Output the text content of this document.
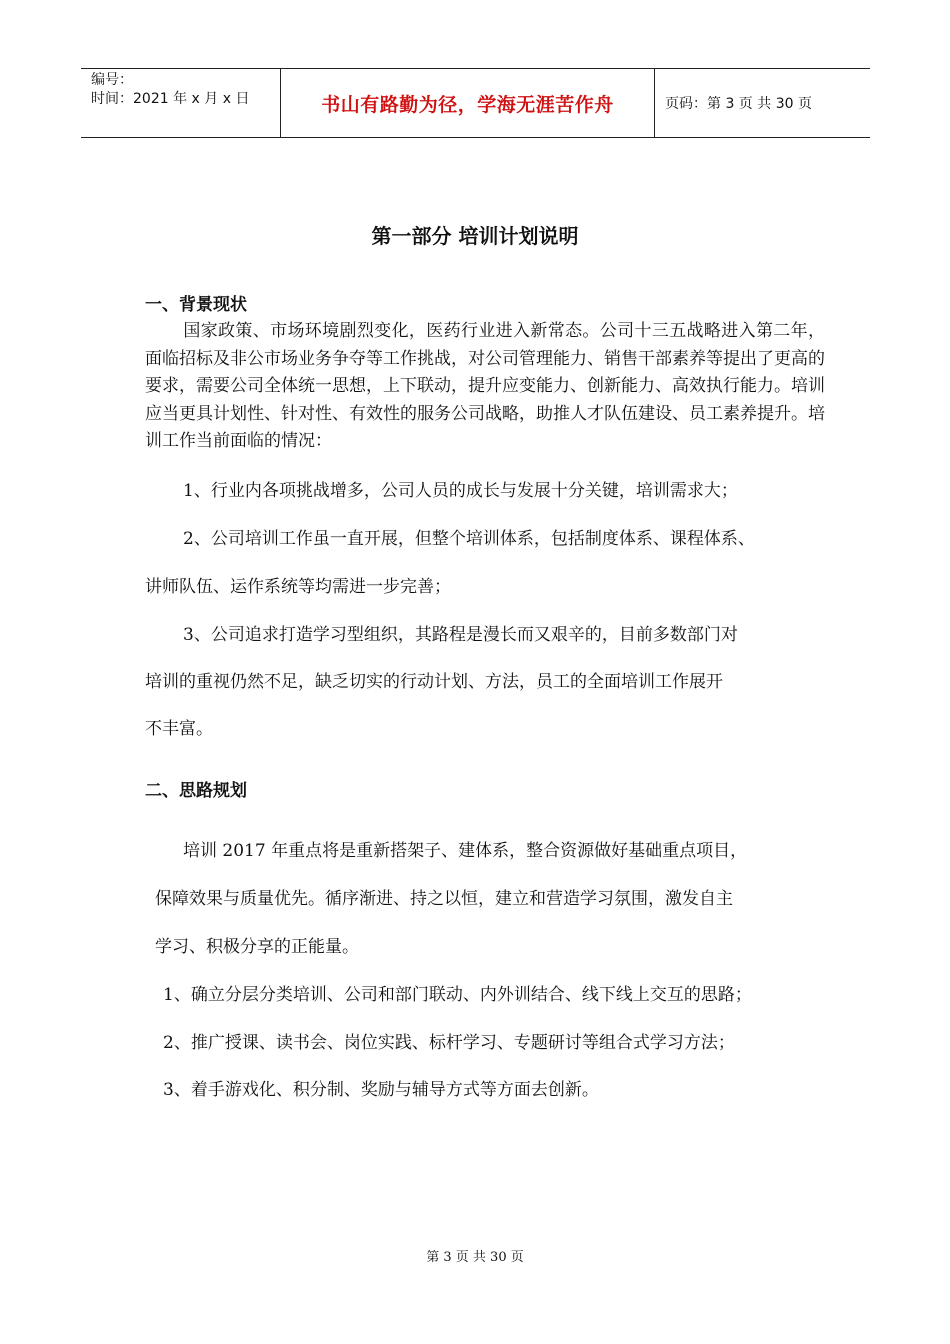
编号：
时间：2021 年 x 月 x 日	书山有路勤为径，学海无涯苦作舟	页码：第 3 页 共 30 页
第一部分 培训计划说明
一、背景现状
国家政策、市场环境剧烈变化，医药行业进入新常态。公司十三五战略进入第二年，面临招标及非公市场业务争夺等工作挑战，对公司管理能力、销售干部素养等提出了更高的要求，需要公司全体统一思想，上下联动，提升应变能力、创新能力、高效执行能力。培训应当更具计划性、针对性、有效性的服务公司战略，助推人才队伍建设、员工素养提升。培训工作当前面临的情况：
1、行业内各项挑战增多，公司人员的成长与发展十分关键，培训需求大；
2、公司培训工作虽一直开展，但整个培训体系，包括制度体系、课程体系、
讲师队伍、运作系统等均需进一步完善；
3、公司追求打造学习型组织，其路程是漫长而又艰辛的，目前多数部门对
培训的重视仍然不足，缺乏切实的行动计划、方法，员工的全面培训工作展开
不丰富。
二、思路规划
培训 2017 年重点将是重新搭架子、建体系，整合资源做好基础重点项目，
保障效果与质量优先。循序渐进、持之以恒，建立和营造学习氛围，激发自主
学习、积极分享的正能量。
1、确立分层分类培训、公司和部门联动、内外训结合、线下线上交互的思路；
2、推广授课、读书会、岗位实践、标杆学习、专题研讨等组合式学习方法；
3、着手游戏化、积分制、奖励与辅导方式等方面去创新。
第 3 页 共 30 页
